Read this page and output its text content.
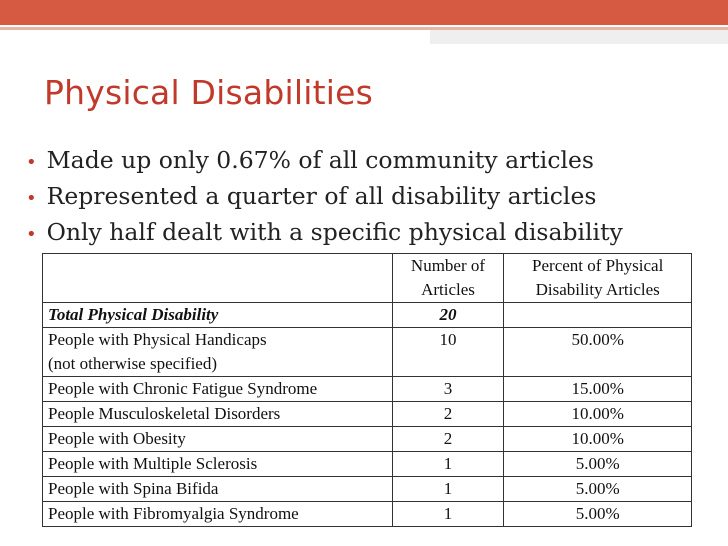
Physical Disabilities
• Made up only 0.67% of all community articles
• Represented a quarter of all disability articles
• Only half dealt with a specific physical disability
	Number of Articles	Percent of Physical Disability Articles
Total Physical Disability	20	
People with Physical Handicaps
(not otherwise specified)	10	50.00%
People with Chronic Fatigue Syndrome	3	15.00%
People Musculoskeletal Disorders	2	10.00%
People with Obesity	2	10.00%
People with Multiple Sclerosis	1	5.00%
People with Spina Bifida	1	5.00%
People with Fibromyalgia Syndrome	1	5.00%
